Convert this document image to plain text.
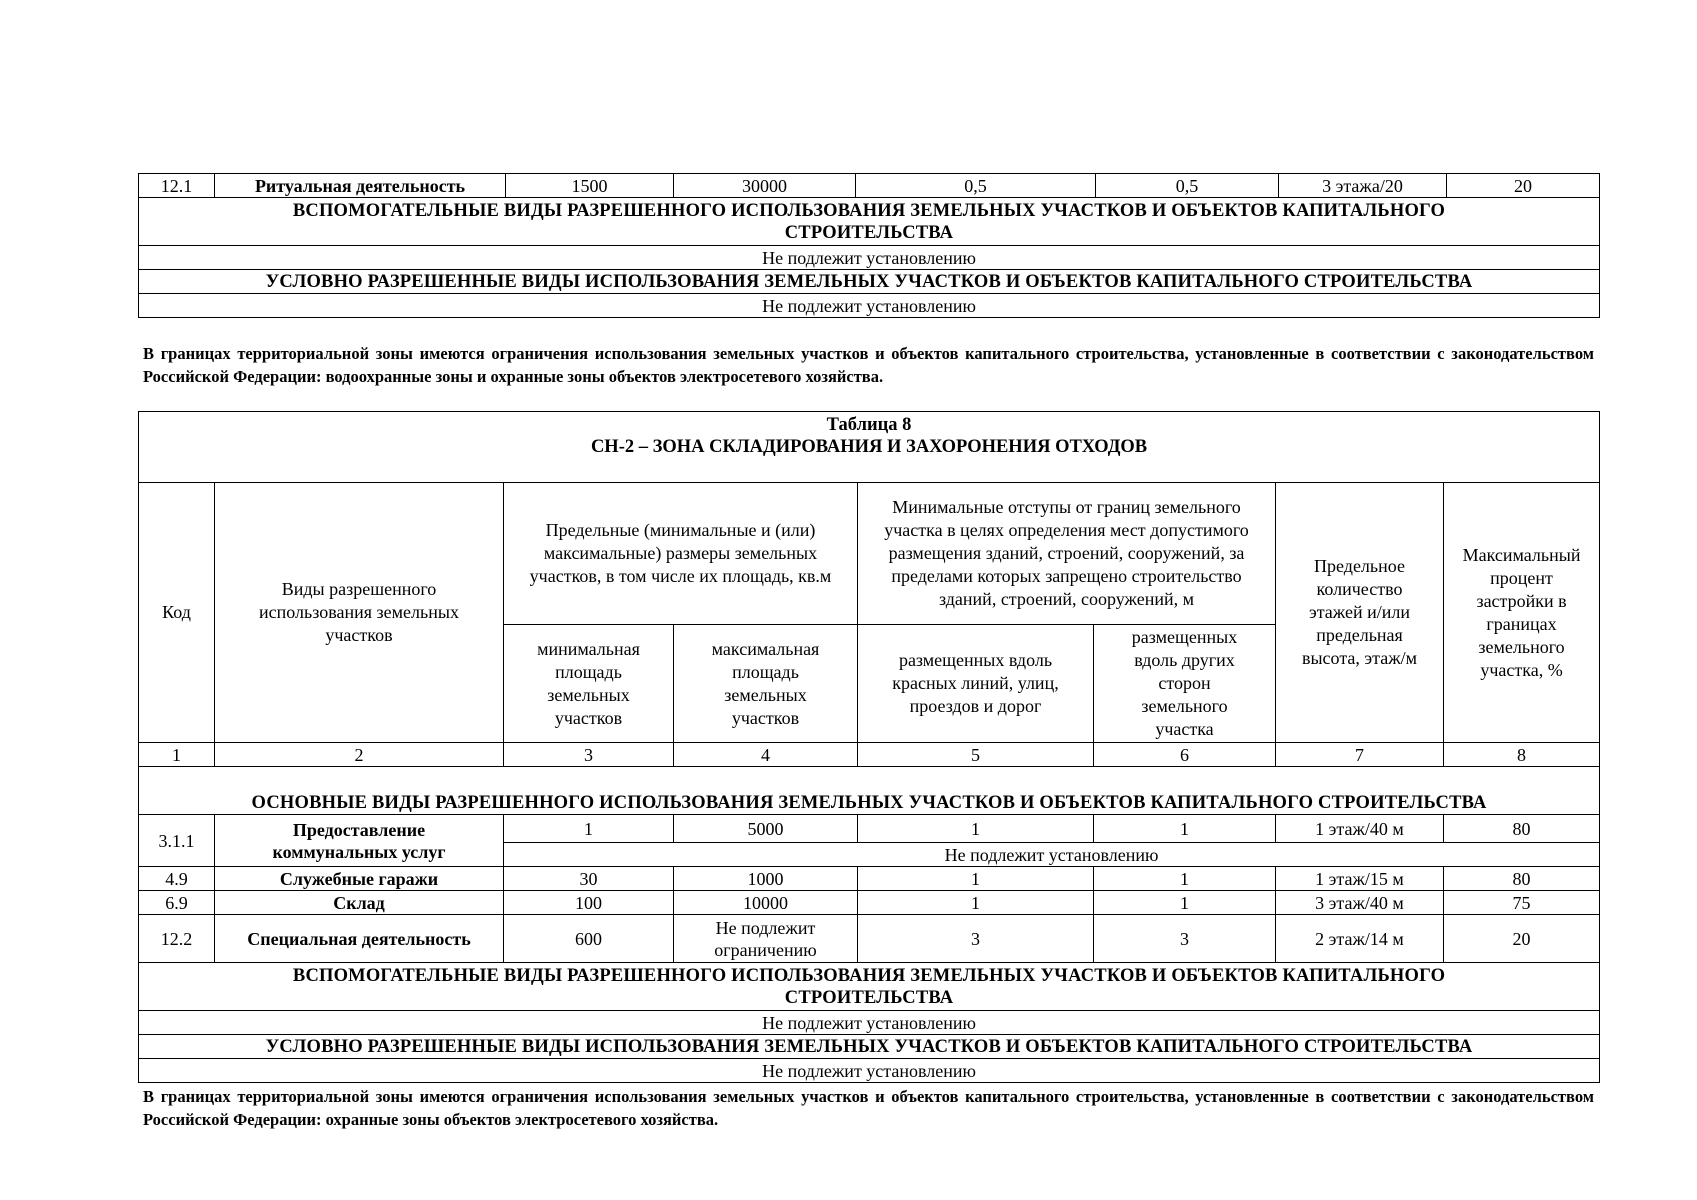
12.1	Ритуальная деятельность	1500	30000	0,5	0,5	3 этажа/20	20
ВСПОМОГАТЕЛЬНЫЕ ВИДЫ РАЗРЕШЕННОГО ИСПОЛЬЗОВАНИЯ ЗЕМЕЛЬНЫХ УЧАСТКОВ И ОБЪЕКТОВ КАПИТАЛЬНОГО СТРОИТЕЛЬСТВА
Не подлежит установлению
УСЛОВНО РАЗРЕШЕННЫЕ ВИДЫ ИСПОЛЬЗОВАНИЯ ЗЕМЕЛЬНЫХ УЧАСТКОВ И ОБЪЕКТОВ КАПИТАЛЬНОГО СТРОИТЕЛЬСТВА
Не подлежит установлению
В границах территориальной зоны имеются ограничения использования земельных участков и объектов капитального строительства, установленные в соответствии с законодательством Российской Федерации: водоохранные зоны и охранные зоны объектов электросетевого хозяйства.
Таблица 8
СН-2 – ЗОНА СКЛАДИРОВАНИЯ И ЗАХОРОНЕНИЯ ОТХОДОВ							

Код	Виды разрешенного использования земельных участков	Предельные (минимальные и (или) максимальные) размеры земельных участков, в том числе их площадь, кв.м		Минимальные отступы от границ земельного участка в целях определения мест допустимого размещения зданий, строений, сооружений, за пределами которых запрещено строительство зданий, строений, сооружений, м		Предельное количество этажей и/или предельная высота, этаж/м	Максимальный процент застройки в границах земельного участка, %
		минимальная площадь земельных участков	максимальная площадь земельных участков	размещенных вдоль красных линий, улиц, проездов и дорог	размещенных вдоль других сторон земельного участка		
1	2	3	4	5	6	7	8
ОСНОВНЫЕ ВИДЫ РАЗРЕШЕННОГО ИСПОЛЬЗОВАНИЯ ЗЕМЕЛЬНЫХ УЧАСТКОВ И ОБЪЕКТОВ КАПИТАЛЬНОГО СТРОИТЕЛЬСТВА							
3.1.1	Предоставление коммунальных услуг	1	5000	1	1	1 этаж/40 м	80
		Не подлежит установлению					
4.9	Служебные гаражи	30	1000	1	1	1 этаж/15 м	80
6.9	Склад	100	10000	1	1	3 этаж/40 м	75
12.2	Специальная деятельность	600	Не подлежит ограничению	3	3	2 этаж/14 м	20
ВСПОМОГАТЕЛЬНЫЕ ВИДЫ РАЗРЕШЕННОГО ИСПОЛЬЗОВАНИЯ ЗЕМЕЛЬНЫХ УЧАСТКОВ И ОБЪЕКТОВ КАПИТАЛЬНОГО СТРОИТЕЛЬСТВА							
Не подлежит установлению							
УСЛОВНО РАЗРЕШЕННЫЕ ВИДЫ ИСПОЛЬЗОВАНИЯ ЗЕМЕЛЬНЫХ УЧАСТКОВ И ОБЪЕКТОВ КАПИТАЛЬНОГО СТРОИТЕЛЬСТВА							
Не подлежит установлению							
В границах территориальной зоны имеются ограничения использования земельных участков и объектов капитального строительства, установленные в соответствии с законодательством Российской Федерации: охранные зоны объектов электросетевого хозяйства.
